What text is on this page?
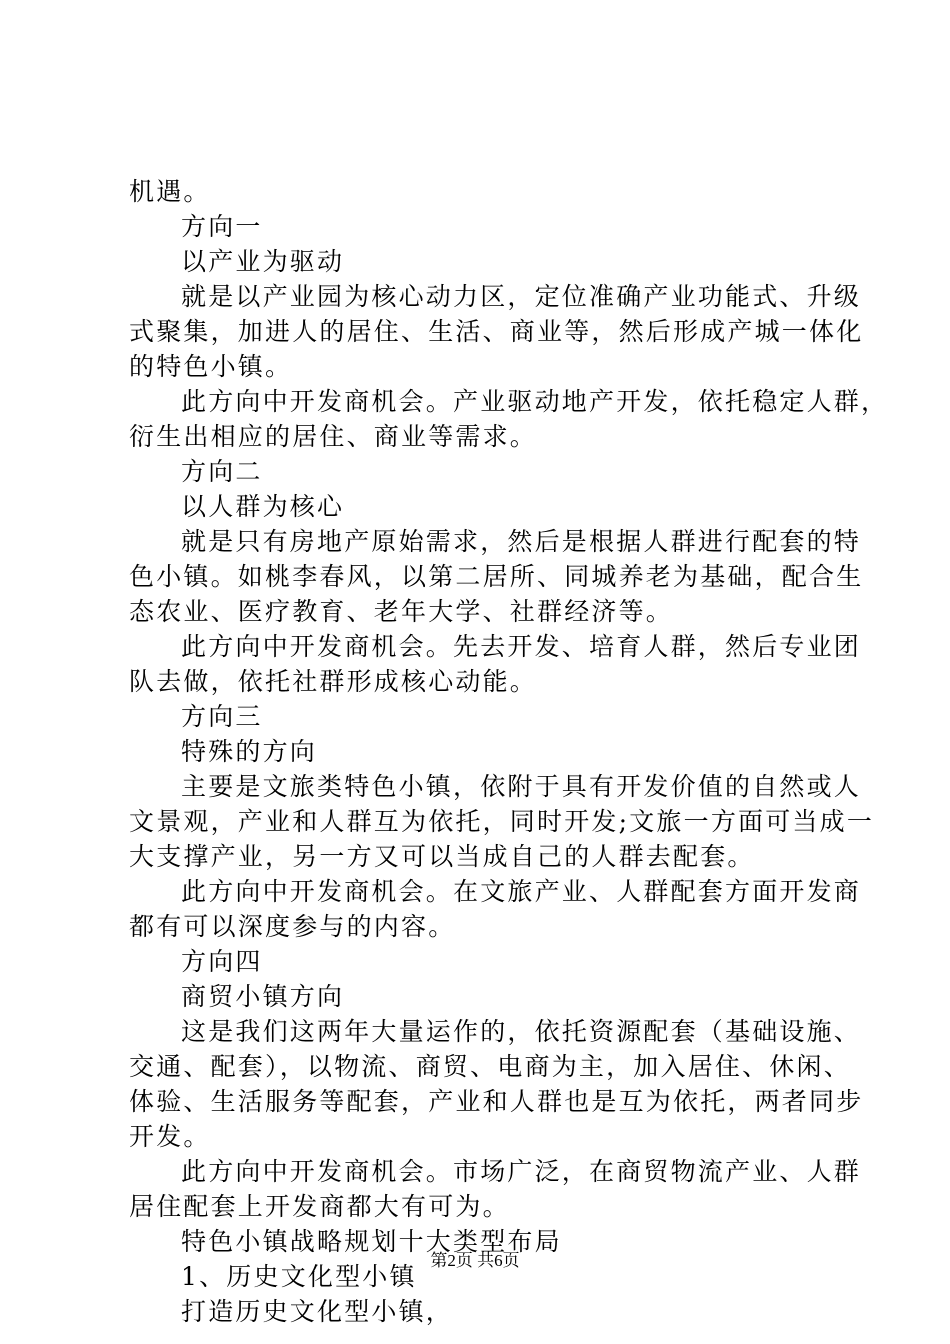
机遇。
方向一
以产业为驱动
就是以产业园为核心动力区，定位准确产业功能式、升级
式聚集，加进人的居住、生活、商业等，然后形成产城一体化
的特色小镇。
此方向中开发商机会。产业驱动地产开发，依托稳定人群，
衍生出相应的居住、商业等需求。
方向二
以人群为核心
就是只有房地产原始需求，然后是根据人群进行配套的特
色小镇。如桃李春风，以第二居所、同城养老为基础，配合生
态农业、医疗教育、老年大学、社群经济等。
此方向中开发商机会。先去开发、培育人群，然后专业团
队去做，依托社群形成核心动能。
方向三
特殊的方向
主要是文旅类特色小镇，依附于具有开发价值的自然或人
文景观，产业和人群互为依托，同时开发;文旅一方面可当成一
大支撑产业，另一方又可以当成自己的人群去配套。
此方向中开发商机会。在文旅产业、人群配套方面开发商
都有可以深度参与的内容。
方向四
商贸小镇方向
这是我们这两年大量运作的，依托资源配套（基础设施、
交通、配套），以物流、商贸、电商为主，加入居住、休闲、
体验、生活服务等配套，产业和人群也是互为依托，两者同步
开发。
此方向中开发商机会。市场广泛，在商贸物流产业、人群
居住配套上开发商都大有可为。
特色小镇战略规划十大类型布局
1、历史文化型小镇
打造历史文化型小镇，
第2页 共6页
